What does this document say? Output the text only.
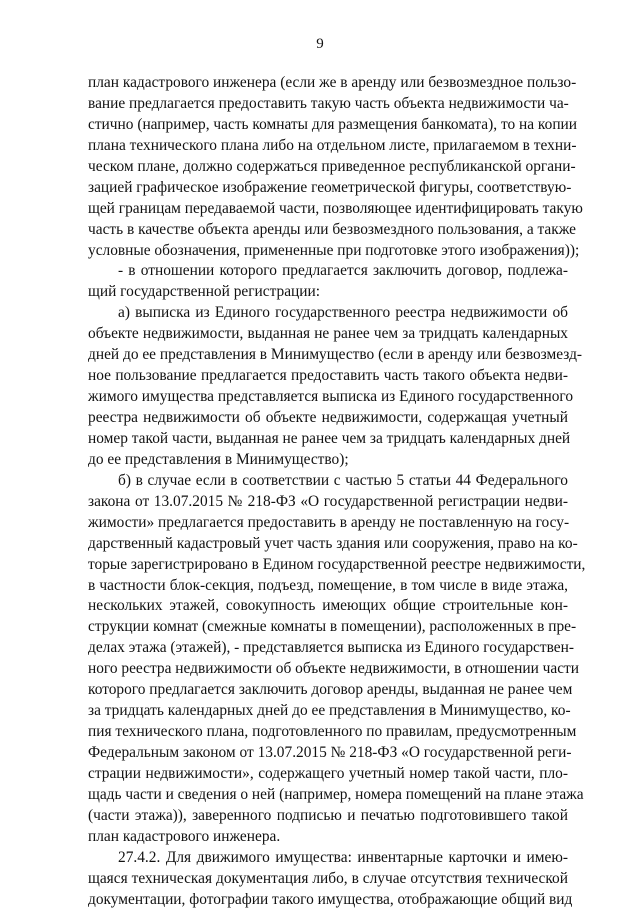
9
план кадастрового инженера (если же в аренду или безвозмездное пользо-
вание предлагается предоставить такую часть объекта недвижимости ча-
стично (например, часть комнаты для размещения банкомата), то на копии
плана технического плана либо на отдельном листе, прилагаемом в техни-
ческом плане, должно содержаться приведенное республиканской органи-
зацией графическое изображение геометрической фигуры, соответствую-
щей границам передаваемой части, позволяющее идентифицировать такую
часть в качестве объекта аренды или безвозмездного пользования, а также
условные обозначения, примененные при подготовке этого изображения));
- в отношении которого предлагается заключить договор, подлежа-
щий государственной регистрации:
а) выписка из Единого государственного реестра недвижимости об
объекте недвижимости, выданная не ранее чем за тридцать календарных
дней до ее представления в Минимущество (если в аренду или безвозмезд-
ное пользование предлагается предоставить часть такого объекта недви-
жимого имущества представляется выписка из Единого государственного
реестра недвижимости об объекте недвижимости, содержащая учетный
номер такой части, выданная не ранее чем за тридцать календарных дней
до ее представления в Минимущество);
б) в случае если в соответствии с частью 5 статьи 44 Федерального
закона от 13.07.2015 № 218-ФЗ «О государственной регистрации недви-
жимости» предлагается предоставить в аренду не поставленную на госу-
дарственный кадастровый учет часть здания или сооружения, право на ко-
торые зарегистрировано в Едином государственной реестре недвижимости,
в частности блок-секция, подъезд, помещение, в том числе в виде этажа,
нескольких этажей, совокупность имеющих общие строительные кон-
струкции комнат (смежные комнаты в помещении), расположенных в пре-
делах этажа (этажей), - представляется выписка из Единого государствен-
ного реестра недвижимости об объекте недвижимости, в отношении части
которого предлагается заключить договор аренды, выданная не ранее чем
за тридцать календарных дней до ее представления в Минимущество, ко-
пия технического плана, подготовленного по правилам, предусмотренным
Федеральным законом от 13.07.2015 № 218-ФЗ «О государственной реги-
страции недвижимости», содержащего учетный номер такой части, пло-
щадь части и сведения о ней (например, номера помещений на плане этажа
(части этажа)), заверенного подписью и печатью подготовившего такой
план кадастрового инженера.
27.4.2. Для движимого имущества: инвентарные карточки и имею-
щаяся техническая документация либо, в случае отсутствия технической
документации, фотографии такого имущества, отображающие общий вид
